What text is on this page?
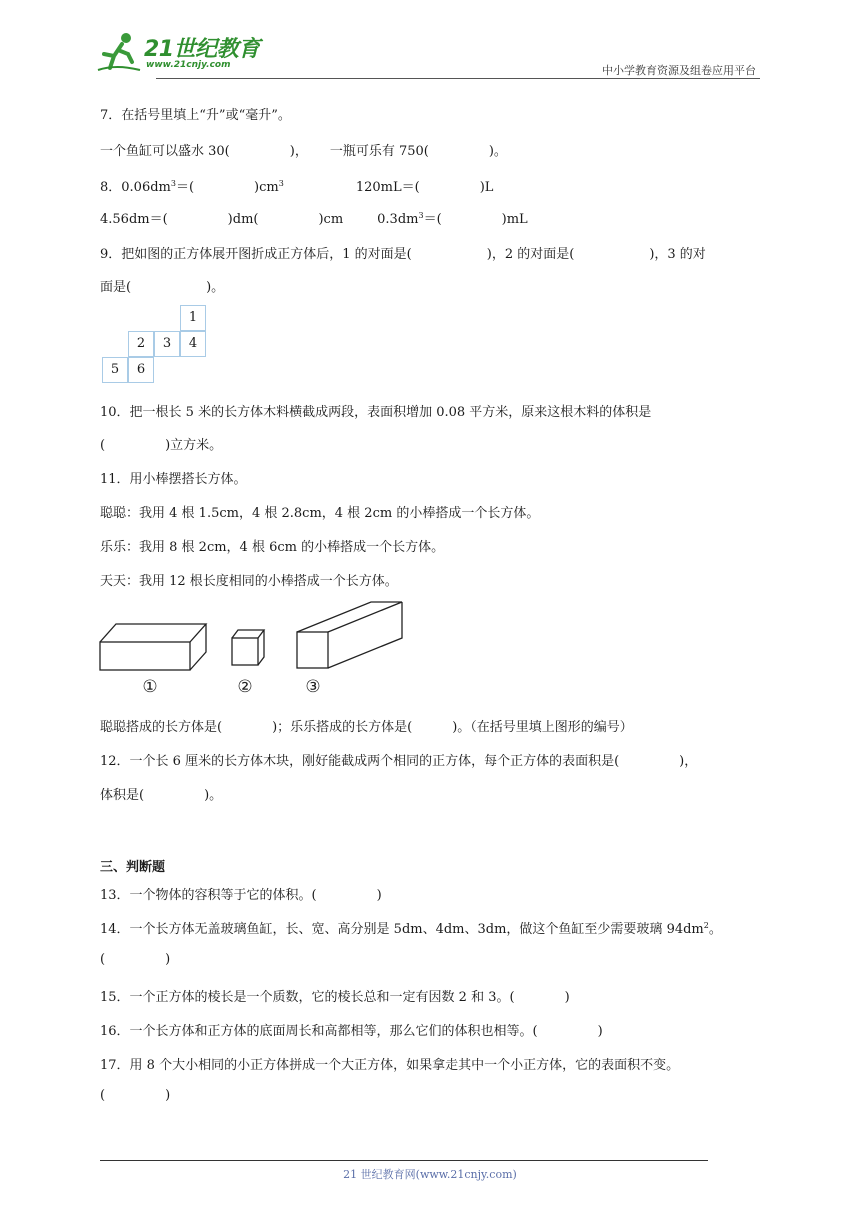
21世纪教育
www.21cnjy.com	中小学教育资源及组卷应用平台
7．在括号里填上“升”或“毫升”。
一个鱼缸可以盛水 30(	)， 一瓶可乐有 750(	)。
8．$0.06dm^3=$(	)$cm^3$	120mL＝(	)L
4.56dm＝(	)dm(	)cm	$0.3dm^3=$(	)mL
9．把如图的正方体展开图折成正方体后，1 的对面是(	)，2 的对面是(	)，3 的对
面是(	)。
1
2	3	4
5	6
10．把一根长 5 米的长方体木料横截成两段，表面积增加 0.08 平方米，原来这根木料的体积是
(	)立方米。
11．用小棒摆搭长方体。
聪聪：我用 4 根 1.5cm，4 根 2.8cm，4 根 2cm 的小棒搭成一个长方体。
乐乐：我用 8 根 2cm，4 根 6cm 的小棒搭成一个长方体。
天天：我用 12 根长度相同的小棒搭成一个长方体。
①	②	③
聪聪搭成的长方体是(	)；乐乐搭成的长方体是(	)。（在括号里填上图形的编号）
12．一个长 6 厘米的长方体木块，刚好能截成两个相同的正方体，每个正方体的表面积是(	)，
体积是(	)。
三、判断题
13．一个物体的容积等于它的体积。(	)
14．一个长方体无盖玻璃鱼缸，长、宽、高分别是 5dm、4dm、3dm，做这个鱼缸至少需要玻璃 $94dm^2$。
(	)
15．一个正方体的棱长是一个质数，它的棱长总和一定有因数 2 和 3。(	)
16．一个长方体和正方体的底面周长和高都相等，那么它们的体积也相等。(	)
17．用 8 个大小相同的小正方体拼成一个大正方体，如果拿走其中一个小正方体，它的表面积不变。
(	)
21 世纪教育网(www.21cnjy.com)
